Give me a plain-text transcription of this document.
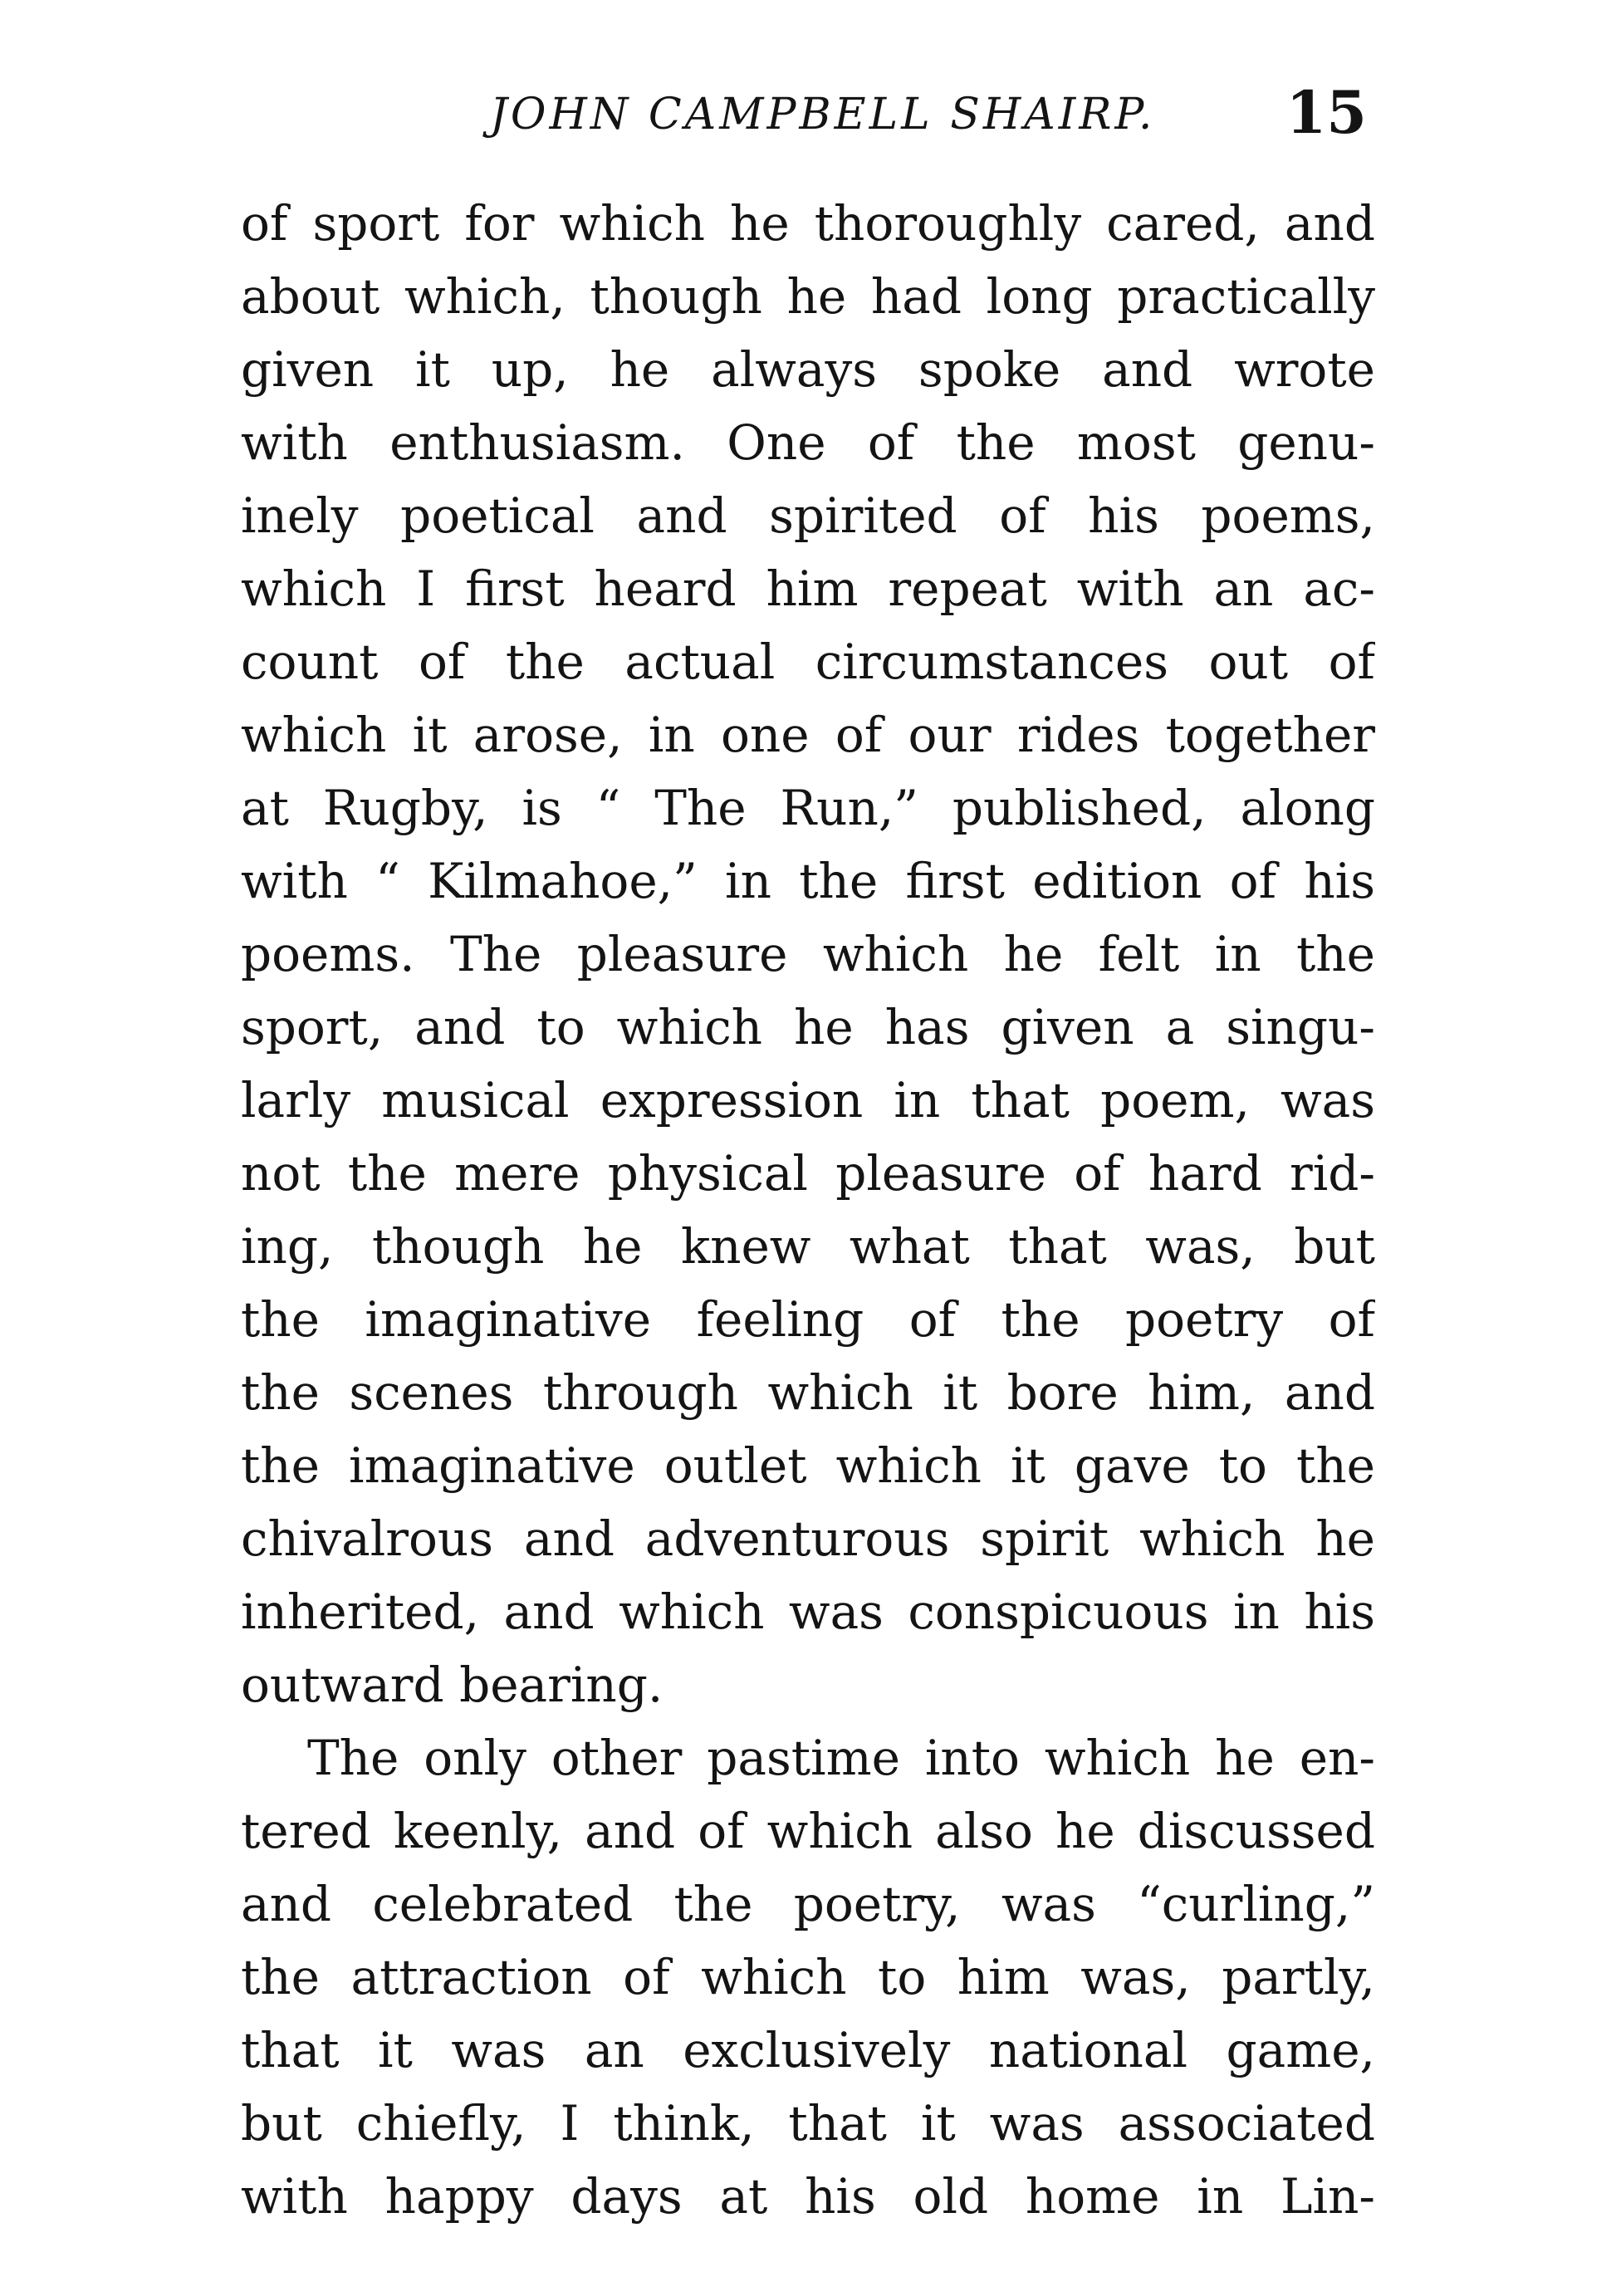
JOHN CAMPBELL SHAIRP. 15
of sport for which he thoroughly cared, and
about which, though he had long practically
given it up, he always spoke and wrote
with enthusiasm. One of the most genu-
inely poetical and spirited of his poems,
which I first heard him repeat with an ac-
count of the actual circumstances out of
which it arose, in one of our rides together
at Rugby, is “ The Run,” published, along
with “ Kilmahoe,” in the first edition of his
poems. The pleasure which he felt in the
sport, and to which he has given a singu-
larly musical expression in that poem, was
not the mere physical pleasure of hard rid-
ing, though he knew what that was, but
the imaginative feeling of the poetry of
the scenes through which it bore him, and
the imaginative outlet which it gave to the
chivalrous and adventurous spirit which he
inherited, and which was conspicuous in his
outward bearing.
The only other pastime into which he en-
tered keenly, and of which also he discussed
and celebrated the poetry, was “curling,”
the attraction of which to him was, partly,
that it was an exclusively national game,
but chiefly, I think, that it was associated
with happy days at his old home in Lin-
